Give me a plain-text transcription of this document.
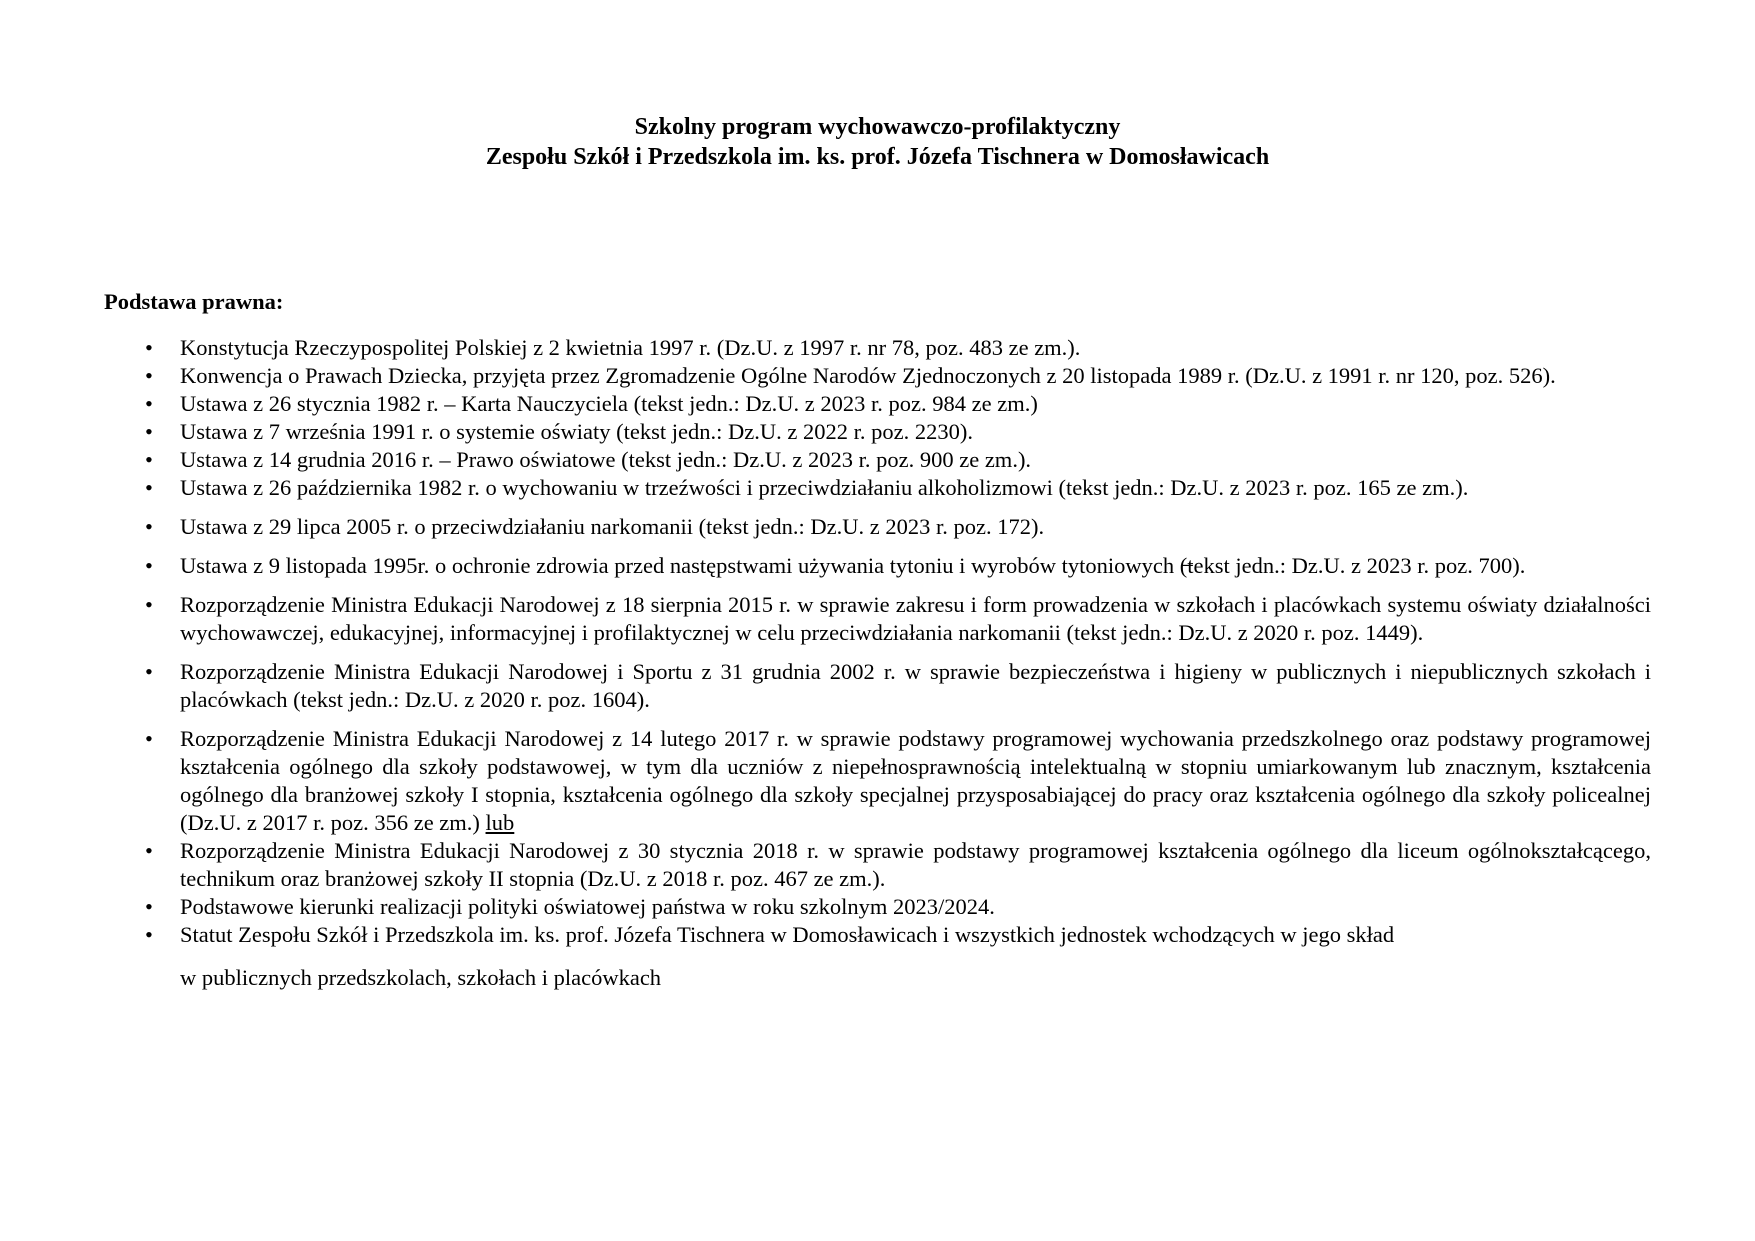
Szkolny program wychowawczo-profilaktyczny
Zespołu Szkół i Przedszkola im. ks. prof. Józefa Tischnera w Domosławicach
Podstawa prawna:
• Konstytucja Rzeczypospolitej Polskiej z 2 kwietnia 1997 r. (Dz.U. z 1997 r. nr 78, poz. 483 ze zm.).
• Konwencja o Prawach Dziecka, przyjęta przez Zgromadzenie Ogólne Narodów Zjednoczonych z 20 listopada 1989 r. (Dz.U. z 1991 r. nr 120, poz. 526).
• Ustawa z 26 stycznia 1982 r. – Karta Nauczyciela (tekst jedn.: Dz.U. z 2023 r. poz. 984 ze zm.)
• Ustawa z 7 września 1991 r. o systemie oświaty (tekst jedn.: Dz.U. z 2022 r. poz. 2230).
• Ustawa z 14 grudnia 2016 r. – Prawo oświatowe (tekst jedn.: Dz.U. z 2023 r. poz. 900 ze zm.).
• Ustawa z 26 października 1982 r. o wychowaniu w trzeźwości i przeciwdziałaniu alkoholizmowi (tekst jedn.: Dz.U. z 2023 r. poz. 165 ze zm.).
• Ustawa z 29 lipca 2005 r. o przeciwdziałaniu narkomanii (tekst jedn.: Dz.U. z 2023 r. poz. 172).
• Ustawa z 9 listopada 1995r. o ochronie zdrowia przed następstwami używania tytoniu i wyrobów tytoniowych (̶tekst jedn.: Dz.U. z 2023 r. poz. 700).
• Rozporządzenie Ministra Edukacji Narodowej z 18 sierpnia 2015 r. w sprawie zakresu i form prowadzenia w szkołach i placówkach systemu oświaty działalności wychowawczej, edukacyjnej, informacyjnej i profilaktycznej w celu przeciwdziałania narkomanii (tekst jedn.: Dz.U. z 2020 r. poz. 1449).
• Rozporządzenie Ministra Edukacji Narodowej i Sportu z 31 grudnia 2002 r. w sprawie bezpieczeństwa i higieny w publicznych i niepublicznych szkołach i placówkach (tekst jedn.: Dz.U. z 2020 r. poz. 1604).
• Rozporządzenie Ministra Edukacji Narodowej z 14 lutego 2017 r. w sprawie podstawy programowej wychowania przedszkolnego oraz podstawy programowej kształcenia ogólnego dla szkoły podstawowej, w tym dla uczniów z niepełnosprawnością intelektualną w stopniu umiarkowanym lub znacznym, kształcenia ogólnego dla branżowej szkoły I stopnia, kształcenia ogólnego dla szkoły specjalnej przysposabiającej do pracy oraz kształcenia ogólnego dla szkoły policealnej (Dz.U. z 2017 r. poz. 356 ze zm.) lub
• Rozporządzenie Ministra Edukacji Narodowej z 30 stycznia 2018 r. w sprawie podstawy programowej kształcenia ogólnego dla liceum ogólnokształcącego, technikum oraz branżowej szkoły II stopnia (Dz.U. z 2018 r. poz. 467 ze zm.).
• Podstawowe kierunki realizacji polityki oświatowej państwa w roku szkolnym 2023/2024.
• Statut Zespołu Szkół i Przedszkola im. ks. prof. Józefa Tischnera w Domosławicach i wszystkich jednostek wchodzących w jego skład
w publicznych przedszkolach, szkołach i placówkach
